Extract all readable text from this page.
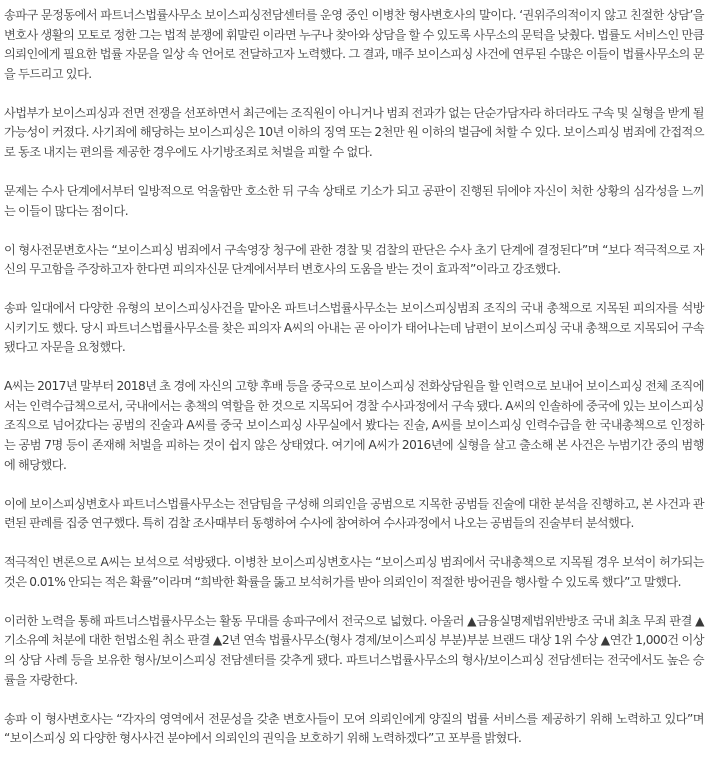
송파구 문정동에서 파트너스법률사무소 보이스피싱전담센터를 운영 중인 이병찬 형사변호사의 말이다. ‘권위주의적이지 않고 친절한 상담’을 변호사 생활의 모토로 정한 그는 법적 분쟁에 휘말린 이라면 누구나 찾아와 상담을 할 수 있도록 사무소의 문턱을 낮췄다. 법률도 서비스인 만큼 의뢰인에게 필요한 법률 자문을 일상 속 언어로 전달하고자 노력했다. 그 결과, 매주 보이스피싱 사건에 연루된 수많은 이들이 법률사무소의 문을 두드리고 있다.

사법부가 보이스피싱과 전면 전쟁을 선포하면서 최근에는 조직원이 아니거나 범죄 전과가 없는 단순가담자라 하더라도 구속 및 실형을 받게 될 가능성이 커졌다. 사기죄에 해당하는 보이스피싱은 10년 이하의 징역 또는 2천만 원 이하의 벌금에 처할 수 있다. 보이스피싱 범죄에 간접적으로 동조 내지는 편의를 제공한 경우에도 사기방조죄로 처벌을 피할 수 없다.

문제는 수사 단계에서부터 일방적으로 억울함만 호소한 뒤 구속 상태로 기소가 되고 공판이 진행된 뒤에야 자신이 처한 상황의 심각성을 느끼는 이들이 많다는 점이다.

이 형사전문변호사는 “보이스피싱 범죄에서 구속영장 청구에 관한 경찰 및 검찰의 판단은 수사 초기 단계에 결정된다”며 “보다 적극적으로 자신의 무고함을 주장하고자 한다면 피의자신문 단계에서부터 변호사의 도움을 받는 것이 효과적”이라고 강조했다.

송파 일대에서 다양한 유형의 보이스피싱사건을 맡아온 파트너스법률사무소는 보이스피싱범죄 조직의 국내 총책으로 지목된 피의자를 석방 시키기도 했다. 당시 파트너스법률사무소를 찾은 피의자 A씨의 아내는 곧 아이가 태어나는데 남편이 보이스피싱 국내 총책으로 지목되어 구속됐다고 자문을 요청했다.

A씨는 2017년 말부터 2018년 초 경에 자신의 고향 후배 등을 중국으로 보이스피싱 전화상담원을 할 인력으로 보내어 보이스피싱 전체 조직에서는 인력수급책으로서, 국내에서는 총책의 역할을 한 것으로 지목되어 경찰 수사과정에서 구속 됐다. A씨의 인솔하에 중국에 있는 보이스피싱 조직으로 넘어갔다는 공범의 진술과 A씨를 중국 보이스피싱 사무실에서 봤다는 진술, A씨를 보이스피싱 인력수급을 한 국내총책으로 인정하는 공범 7명 등이 존재해 처벌을 피하는 것이 쉽지 않은 상태였다. 여기에 A씨가 2016년에 실형을 살고 출소해 본 사건은 누범기간 중의 범행에 해당했다.

이에 보이스피싱변호사 파트너스법률사무소는 전담팀을 구성해 의뢰인을 공범으로 지목한 공범들 진술에 대한 분석을 진행하고, 본 사건과 관련된 판례를 집중 연구했다. 특히 검찰 조사때부터 동행하여 수사에 참여하여 수사과정에서 나오는 공범들의 진술부터 분석했다.

적극적인 변론으로 A씨는 보석으로 석방됐다. 이병찬 보이스피싱변호사는 “보이스피싱 범죄에서 국내총책으로 지목될 경우 보석이 허가되는 것은 0.01% 안되는 적은 확률”이라며 “희박한 확률을 뚫고 보석허가를 받아 의뢰인이 적절한 방어권을 행사할 수 있도록 했다”고 말했다.

이러한 노력을 통해 파트너스법률사무소는 활동 무대를 송파구에서 전국으로 넓혔다. 아울러 ▲금융실명제법위반방조 국내 최초 무죄 판결 ▲기소유예 처분에 대한 헌법소원 취소 판결 ▲2년 연속 법률사무소(형사 경제/보이스피싱 부분)부분 브랜드 대상 1위 수상 ▲연간 1,000건 이상의 상담 사례 등을 보유한 형사/보이스피싱 전담센터를 갖추게 됐다. 파트너스법률사무소의 형사/보이스피싱 전담센터는 전국에서도 높은 승률을 자랑한다.

송파 이 형사변호사는 “각자의 영역에서 전문성을 갖춘 변호사들이 모여 의뢰인에게 양질의 법률 서비스를 제공하기 위해 노력하고 있다”며 “보이스피싱 외 다양한 형사사건 분야에서 의뢰인의 권익을 보호하기 위해 노력하겠다”고 포부를 밝혔다.
